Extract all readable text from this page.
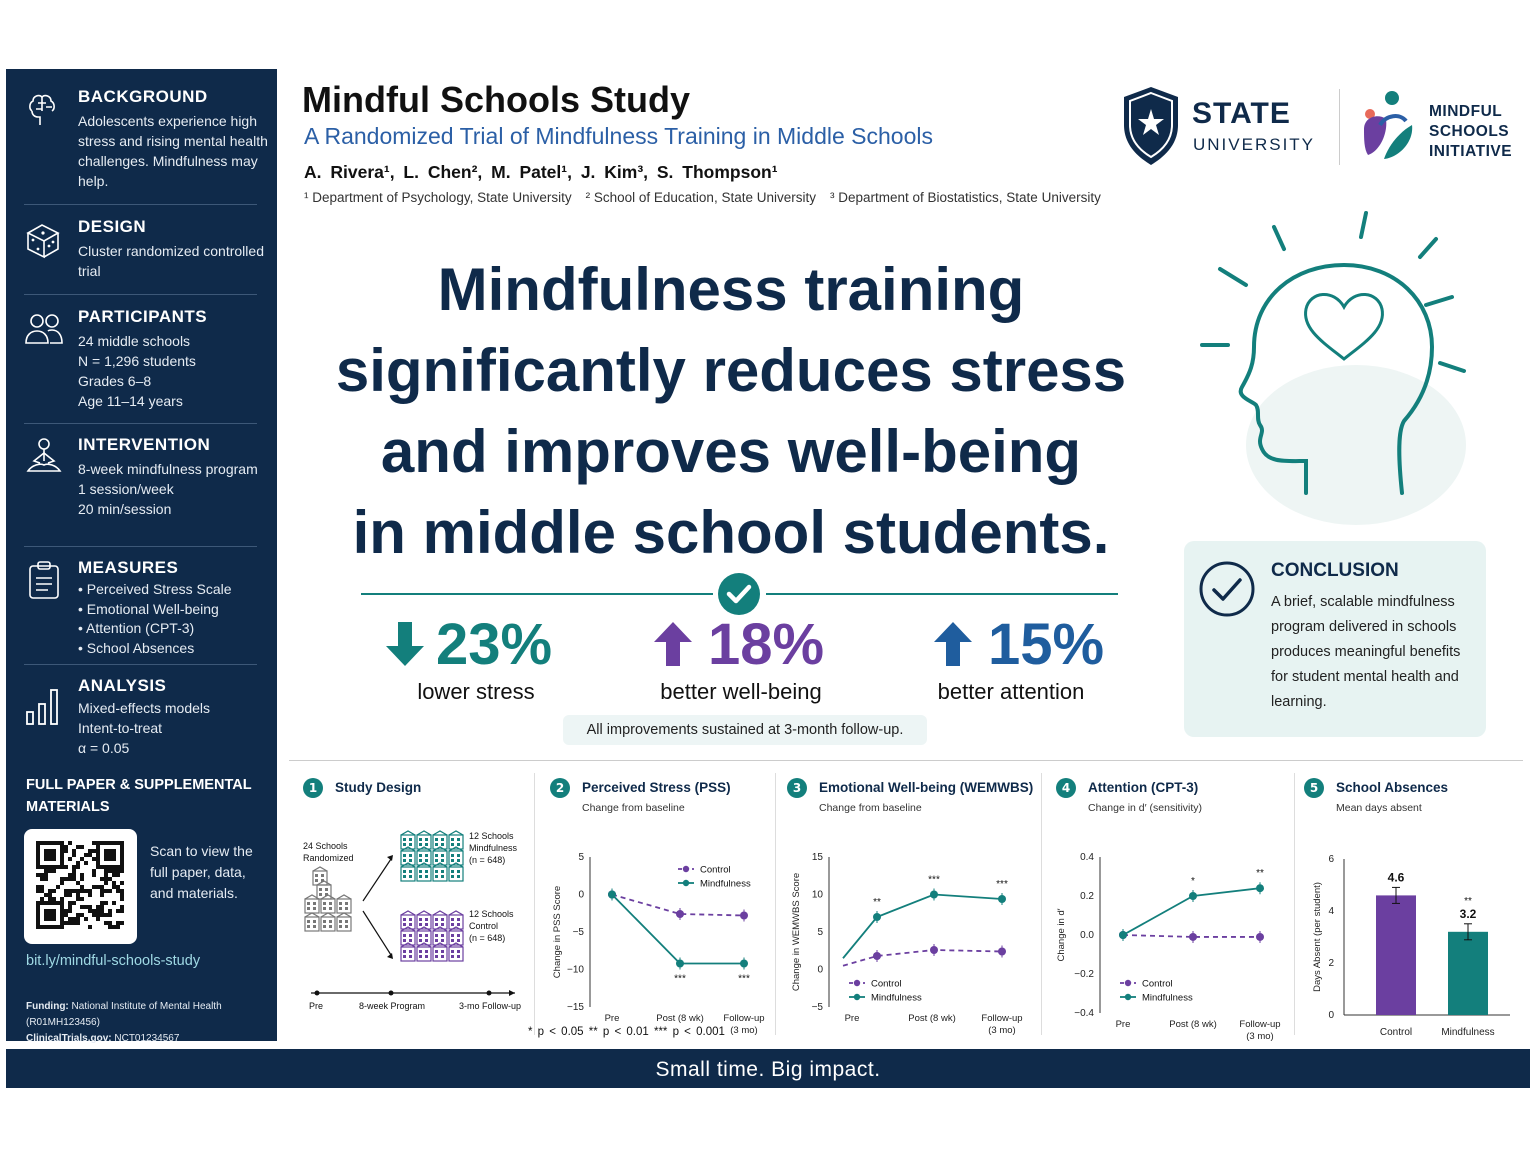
BACKGROUND
Adolescents experience high stress and rising mental health challenges. Mindfulness may help.
DESIGN
Cluster randomized controlled trial
PARTICIPANTS
24 middle schools
N = 1,296 students
Grades 6–8
Age 11–14 years
INTERVENTION
8-week mindfulness program
1 session/week
20 min/session
MEASURES
• Perceived Stress Scale
• Emotional Well-being
• Attention (CPT-3)
• School Absences
ANALYSIS
Mixed-effects models
Intent-to-treat
α = 0.05
FULL PAPER & SUPPLEMENTAL MATERIALS
Scan to view the full paper, data, and materials.
bit.ly/mindful-schools-study
Funding: National Institute of Mental Health (R01MH123456)
ClinicalTrials.gov: NCT01234567
Mindful Schools Study
A Randomized Trial of Mindfulness Training in Middle Schools
A. Rivera¹, L. Chen², M. Patel¹, J. Kim³, S. Thompson¹
¹ Department of Psychology, State University ² School of Education, State University ³ Department of Biostatistics, State University
STATE
UNIVERSITY
MINDFUL
SCHOOLS
INITIATIVE
Mindfulness training
significantly reduces stress
and improves well-being
in middle school students.
23%
lower stress
18%
better well-being
15%
better attention
All improvements sustained at 3-month follow-up.
CONCLUSION

A brief, scalable mindfulness program delivered in schools produces meaningful benefits for student mental health and learning.

1	Study Design
24 Schools
Randomized
12 Schools
Mindfulness
(n = 648)
12 Schools
Control
(n = 648)
Pre	8-week Program	3-mo Follow-up
2	Perceived Stress (PSS)
Change from baseline
5
0
−5
−10
−15
Change in PSS Score
Pre	Post (8 wk) Follow-up
(3 mo)
***	***
Control
Mindfulness
3	Emotional Well-being (WEMWBS)
Change from baseline
15
10
5
0
−5
Change in WEMWBS Score
Pre	Post (8 wk)	Follow-up
(3 mo)
**
***	***
Control
Mindfulness
4	Attention (CPT-3)
Change in d′ (sensitivity)
0.4
0.2
0.0
−0.2
−0.4
Change in d′
Pre	Post (8 wk) Follow-up
(3 mo)
*
**
Control
Mindfulness
5	School Absences
Mean days absent
6
4
2
0
Days Absent (per student)
4.6
Control
3.2
**
Mindfulness
* p < 0.05 ** p < 0.01 *** p < 0.001
Small time. Big impact.
